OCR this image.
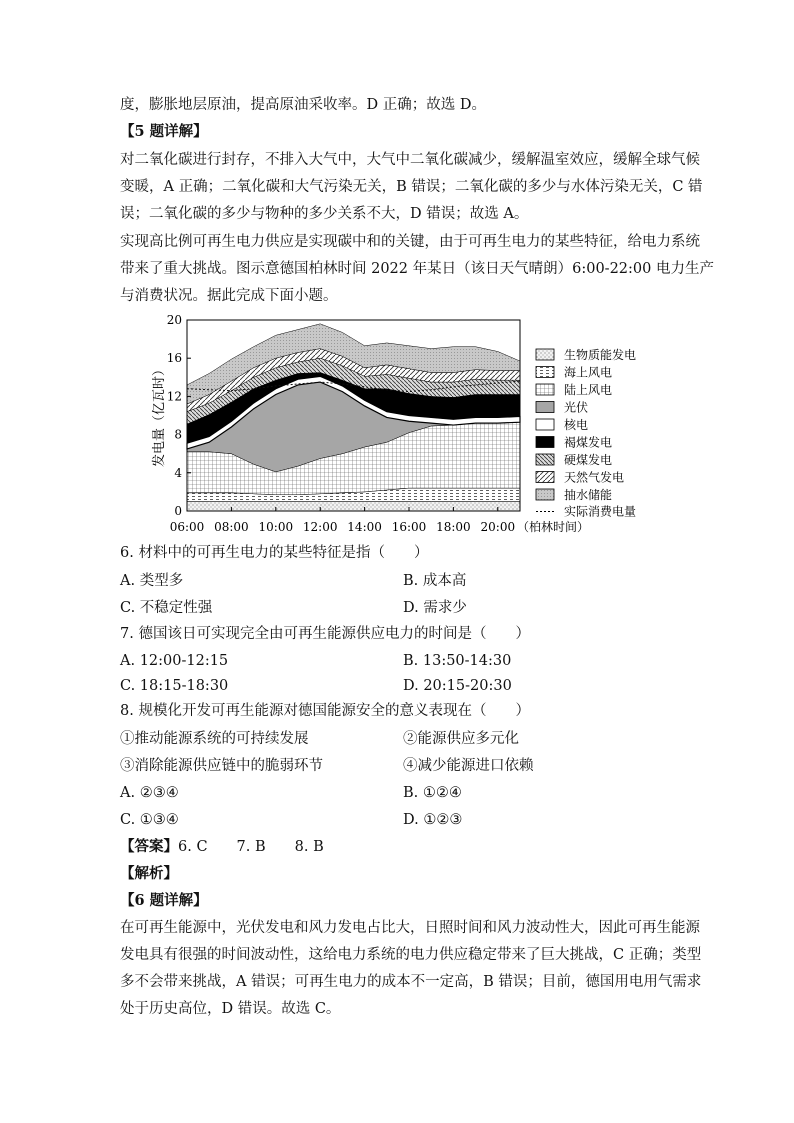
度，膨胀地层原油，提高原油采收率。D 正确；故选 D。
【5 题详解】
对二氧化碳进行封存，不排入大气中，大气中二氧化碳减少，缓解温室效应，缓解全球气候
变暖，A 正确；二氧化碳和大气污染无关，B 错误；二氧化碳的多少与水体污染无关，C 错
误；二氧化碳的多少与物种的多少关系不大，D 错误；故选 A。
实现高比例可再生电力供应是实现碳中和的关键，由于可再生电力的某些特征，给电力系统
带来了重大挑战。图示意德国柏林时间 2022 年某日（该日天气晴朗）6:00-22:00 电力生产
与消费状况。据此完成下面小题。
0
4
8
12
16
20
06:00 08:00 10:00 12:00 14:00 16:00 18:00 20:00
生物质能发电
海上风电
陆上风电
光伏
核电
褐煤发电
硬煤发电
天然气发电
抽水储能
实际消费电量
发电量（亿瓦时）
（柏林时间）
6. 材料中的可再生电力的某些特征是指（　　）
A. 类型多	B. 成本高
C. 不稳定性强	D. 需求少
7. 德国该日可实现完全由可再生能源供应电力的时间是（　　）
A. 12:00-12:15	B. 13:50-14:30
C. 18:15-18:30	D. 20:15-20:30
8. 规模化开发可再生能源对德国能源安全的意义表现在（　　）
①推动能源系统的可持续发展	②能源供应多元化
③消除能源供应链中的脆弱环节	④减少能源进口依赖
A. ②③④	B. ①②④
C. ①③④	D. ①②③
【答案】6. C　　7. B　　8. B
【解析】
【6 题详解】
在可再生能源中，光伏发电和风力发电占比大，日照时间和风力波动性大，因此可再生能源
发电具有很强的时间波动性，这给电力系统的电力供应稳定带来了巨大挑战，C 正确；类型
多不会带来挑战，A 错误；可再生电力的成本不一定高，B 错误；目前，德国用电用气需求
处于历史高位，D 错误。故选 C。
